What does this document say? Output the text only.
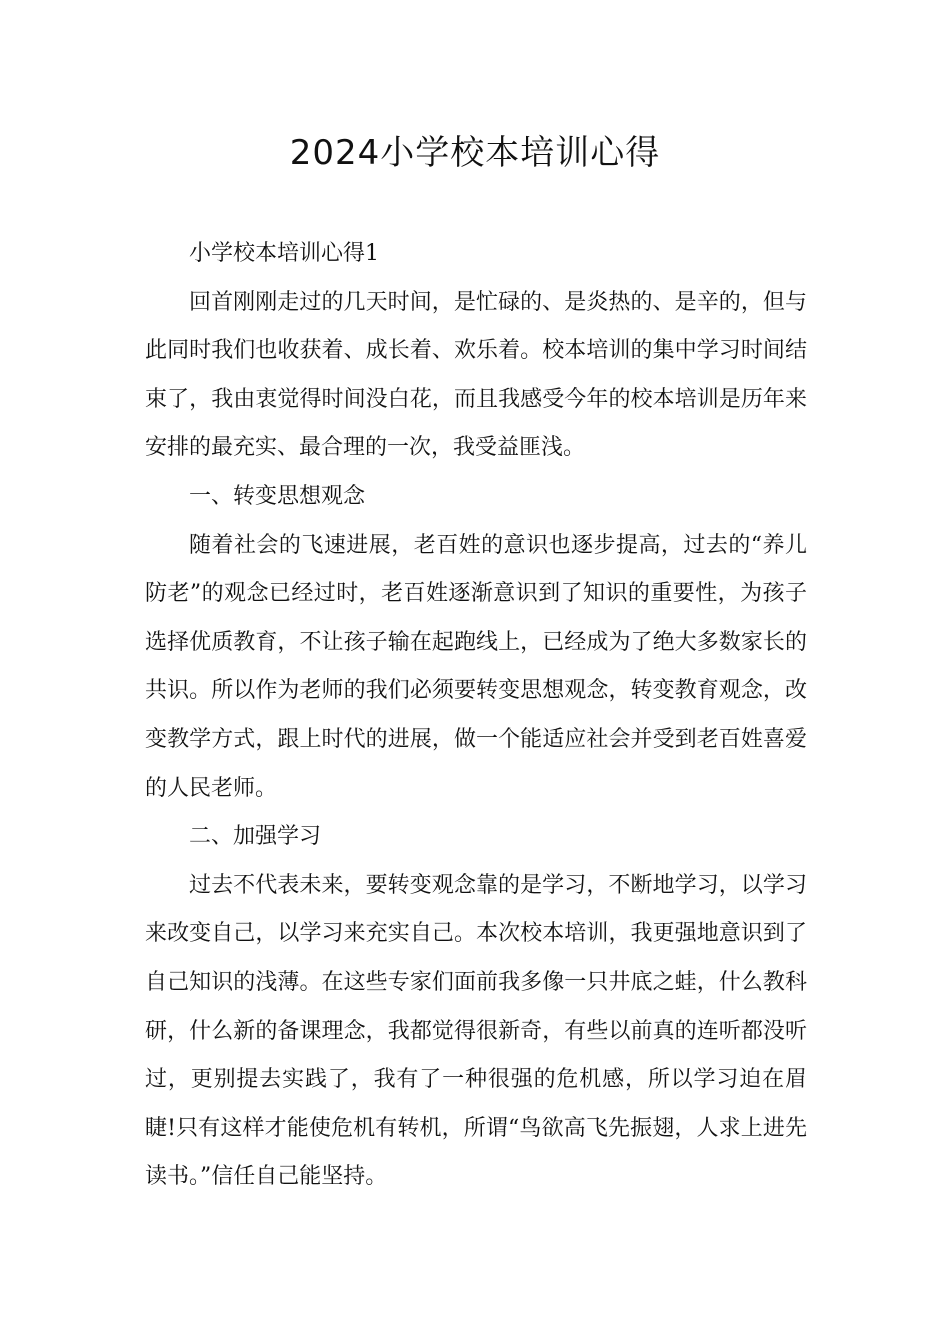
2024小学校本培训心得

小学校本培训心得1

回首刚刚走过的几天时间，是忙碌的、是炎热的、是辛的，但与此同时我们也收获着、成长着、欢乐着。校本培训的集中学习时间结束了，我由衷觉得时间没白花，而且我感受今年的校本培训是历年来安排的最充实、最合理的一次，我受益匪浅。

一、转变思想观念

随着社会的飞速进展，老百姓的意识也逐步提高，过去的“养儿防老”的观念已经过时，老百姓逐渐意识到了知识的重要性，为孩子选择优质教育，不让孩子输在起跑线上，已经成为了绝大多数家长的共识。所以作为老师的我们必须要转变思想观念，转变教育观念，改变教学方式，跟上时代的进展，做一个能适应社会并受到老百姓喜爱的人民老师。

二、加强学习

过去不代表未来，要转变观念靠的是学习，不断地学习，以学习来改变自己，以学习来充实自己。本次校本培训，我更强地意识到了自己知识的浅薄。在这些专家们面前我多像一只井底之蛙，什么教科研，什么新的备课理念，我都觉得很新奇，有些以前真的连听都没听过，更别提去实践了，我有了一种很强的危机感，所以学习迫在眉睫!只有这样才能使危机有转机，所谓“鸟欲高飞先振翅，人求上进先读书。”信任自己能坚持。
